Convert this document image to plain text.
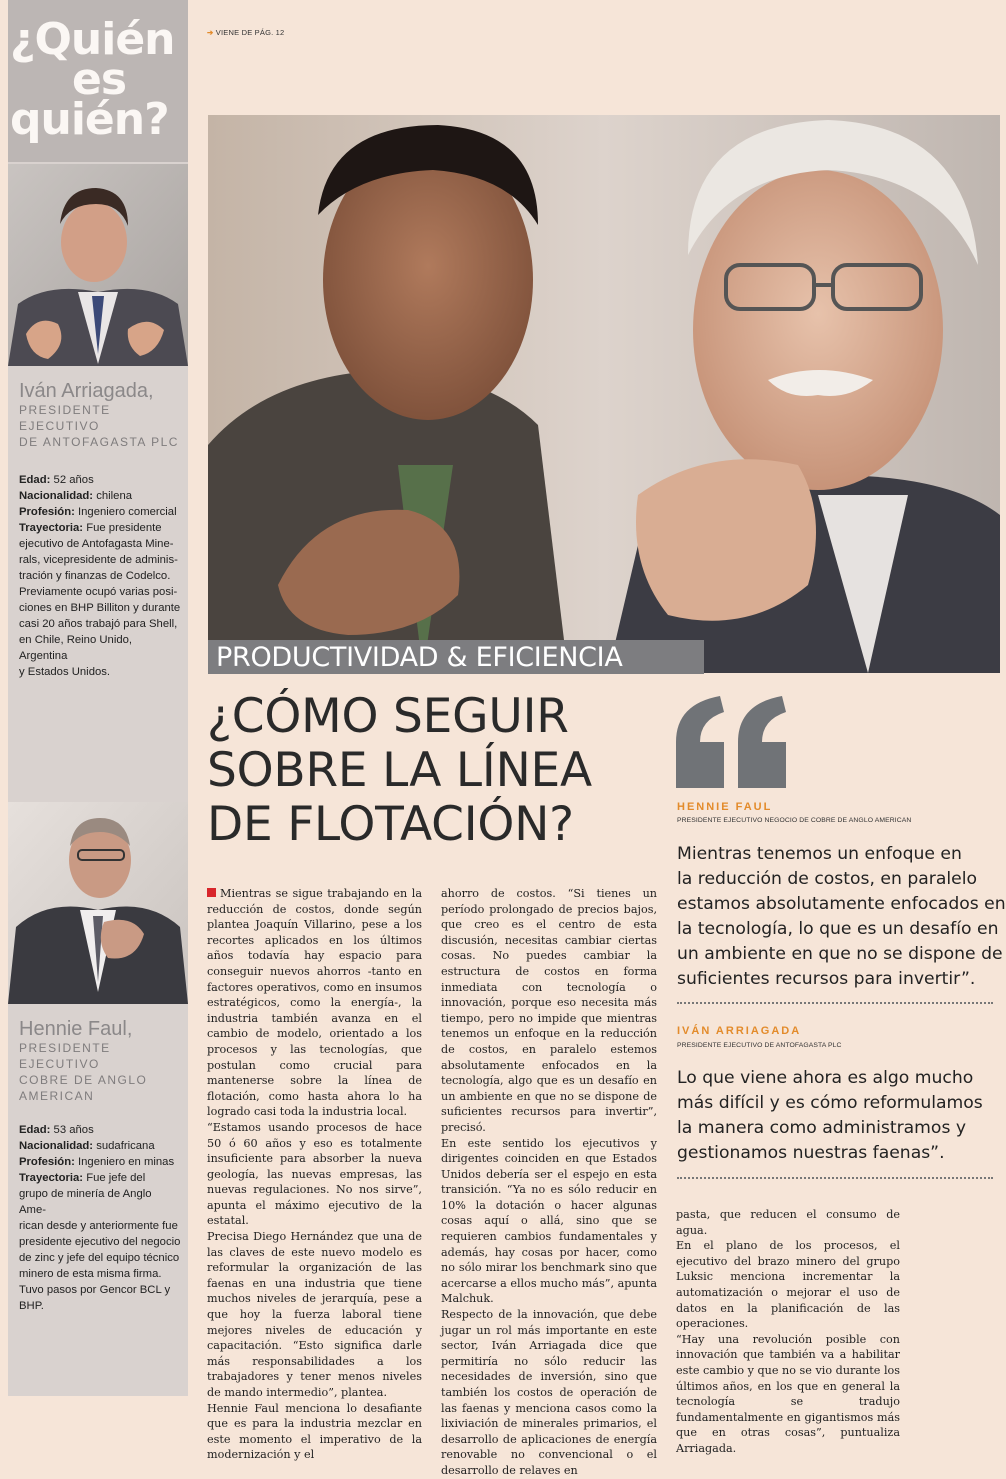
¿Quién
es
quién?
Iván Arriagada,
PRESIDENTE EJECUTIVO
DE ANTOFAGASTA PLC
Edad: 52 años
Nacionalidad: chilena
Profesión: Ingeniero comercial
Trayectoria: Fue presidente
ejecutivo de Antofagasta Mine-
rals, vicepresidente de adminis-
tración y finanzas de Codelco.
Previamente ocupó varias posi-
ciones en BHP Billiton y durante
casi 20 años trabajó para Shell,
en Chile, Reino Unido, Argentina
y Estados Unidos.
Hennie Faul,
PRESIDENTE EJECUTIVO
COBRE DE ANGLO
AMERICAN
Edad: 53 años
Nacionalidad: sudafricana
Profesión: Ingeniero en minas
Trayectoria: Fue jefe del
grupo de minería de Anglo Ame-
rican desde y anteriormente fue
presidente ejecutivo del negocio
de zinc y jefe del equipo técnico
minero de esta misma firma.
Tuvo pasos por Gencor BCL y
BHP.
➔ VIENE DE PÁG. 12
PRODUCTIVIDAD & EFICIENCIA
¿CÓMO SEGUIR
SOBRE LA LÍNEA
DE FLOTACIÓN?

Mientras se sigue trabajando en la reducción de costos, donde según plantea Joaquín Villarino, pese a los recortes aplicados en los últimos años todavía hay espacio para conseguir nuevos ahorros -tanto en factores operativos, como en insumos estratégicos, como la energía-, la industria también avanza en el cambio de modelo, orientado a los procesos y las tecnologías, que postulan como crucial para mantenerse sobre la línea de flotación, como hasta ahora lo ha logrado casi toda la industria local.

“Estamos usando procesos de hace 50 ó 60 años y eso es totalmente insuficiente para absorber la nueva geología, las nuevas empresas, las nuevas regulaciones. No nos sirve”, apunta el máximo ejecutivo de la estatal.

Precisa Diego Hernández que una de las claves de este nuevo modelo es reformular la organización de las faenas en una industria que tiene muchos niveles de jerarquía, pese a que hoy la fuerza laboral tiene mejores niveles de educación y capacitación. “Esto significa darle más responsabilidades a los trabajadores y tener menos niveles de mando intermedio”, plantea.

Hennie Faul menciona lo desafiante que es para la industria mezclar en este momento el imperativo de la modernización y el

ahorro de costos. “Si tienes un período prolongado de precios bajos, que creo es el centro de esta discusión, necesitas cambiar ciertas cosas. No puedes cambiar la estructura de costos en forma inmediata con tecnología o innovación, porque eso necesita más tiempo, pero no impide que mientras tenemos un enfoque en la reducción de costos, en paralelo estemos absolutamente enfocados en la tecnología, algo que es un desafío en un ambiente en que no se dispone de suficientes recursos para invertir”, precisó.

En este sentido los ejecutivos y dirigentes coinciden en que Estados Unidos debería ser el espejo en esta transición. “Ya no es sólo reducir en 10% la dotación o hacer algunas cosas aquí o allá, sino que se requieren cambios fundamentales y además, hay cosas por hacer, como no sólo mirar los benchmark sino que acercarse a ellos mucho más”, apunta Malchuk.

Respecto de la innovación, que debe jugar un rol más importante en este sector, Iván Arriagada dice que permitiría no sólo reducir las necesidades de inversión, sino que también los costos de operación de las faenas y menciona casos como la lixiviación de minerales primarios, el desarrollo de aplicaciones de energía renovable no convencional o el desarrollo de relaves en

pasta, que reducen el consumo de agua.

En el plano de los procesos, el ejecutivo del brazo minero del grupo Luksic menciona incrementar la automatización o mejorar el uso de datos en la planificación de las operaciones.

“Hay una revolución posible con innovación que también va a habilitar este cambio y que no se vio durante los últimos años, en los que en general la tecnología se tradujo fundamentalmente en gigantismos más que en otras cosas”, puntualiza Arriagada.

HENNIE FAUL
PRESIDENTE EJECUTIVO NEGOCIO DE COBRE DE ANGLO AMERICAN
Mientras tenemos un enfoque en
la reducción de costos, en paralelo
estamos absolutamente enfocados en
la tecnología, lo que es un desafío en
un ambiente en que no se dispone de
suficientes recursos para invertir”.
IVÁN ARRIAGADA
PRESIDENTE EJECUTIVO DE ANTOFAGASTA PLC
Lo que viene ahora es algo mucho
más difícil y es cómo reformulamos
la manera como administramos y
gestionamos nuestras faenas”.
